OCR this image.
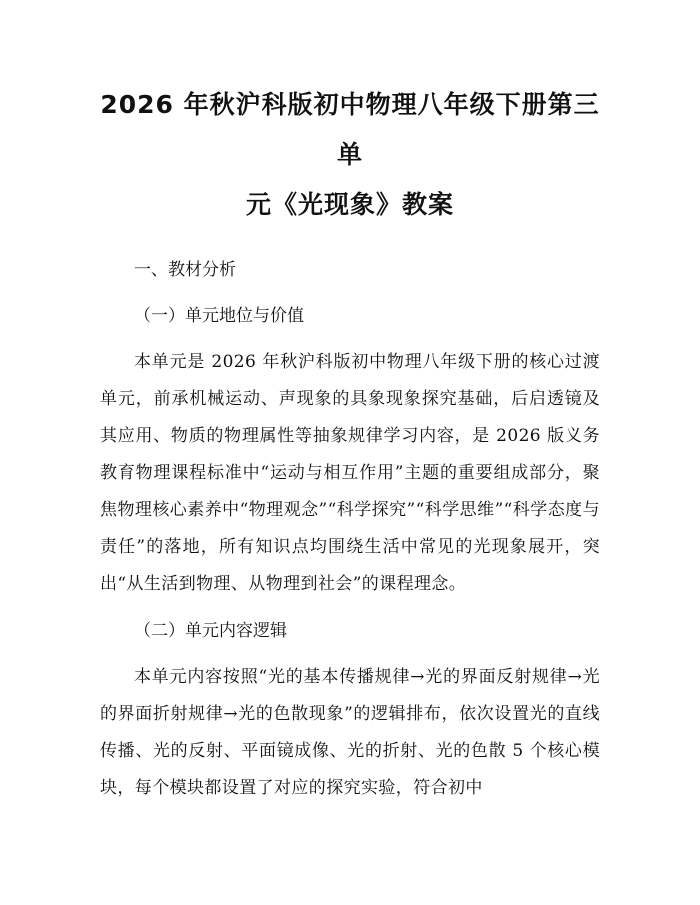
2026 年秋沪科版初中物理八年级下册第三单
元《光现象》教案

一、教材分析

（一）单元地位与价值

本单元是 2026 年秋沪科版初中物理八年级下册的核心过渡单元，前承机械运动、声现象的具象现象探究基础，后启透镜及其应用、物质的物理属性等抽象规律学习内容，是 2026 版义务教育物理课程标准中“运动与相互作用”主题的重要组成部分，聚焦物理核心素养中“物理观念”“科学探究”“科学思维”“科学态度与责任”的落地，所有知识点均围绕生活中常见的光现象展开，突出“从生活到物理、从物理到社会”的课程理念。

（二）单元内容逻辑

本单元内容按照“光的基本传播规律→光的界面反射规律→光的界面折射规律→光的色散现象”的逻辑排布，依次设置光的直线传播、光的反射、平面镜成像、光的折射、光的色散 5 个核心模块，每个模块都设置了对应的探究实验，符合初中
